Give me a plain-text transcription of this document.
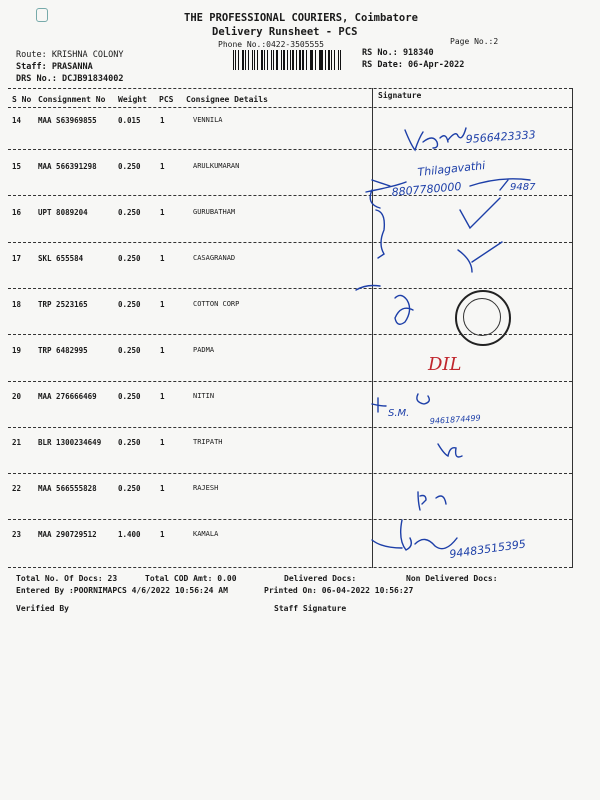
THE PROFESSIONAL COURIERS, Coimbatore
Delivery Runsheet - PCS
Phone No.:0422-3505555	Page No.:2
Route: KRISHNA COLONY
Staff: PRASANNA
DRS No.: DCJB91834002
RS No.: 918340
RS Date: 06-Apr-2022
S No Consignment No Weight PCS Consignee Details	Signature
14 MAA S63969855	0.015	1	VENNILA
15 MAA 566391298	0.250	1	ARULKUMARAN
16 UPT 8089204	0.250	1	GURUBATHAM
17 SKL 655584	0.250	1	CASAGRANAD
18 TRP 2523165	0.250	1	COTTON CORP
19 TRP 6482995	0.250	1	PADMA
20 MAA 276666469	0.250	1	NITIN
21 BLR 1300234649 0.250	1	TRIPATH
22 MAA 566555828	0.250	1	RAJESH
23 MAA 290729512	1.400	1	KAMALA
9566423333
Thilagavathi
8807780000	9487
S.M.	9461874499
94483515395
DIL
Total No. Of Docs: 23	Total COD Amt: 0.00	Delivered Docs:	Non Delivered Docs:
Entered By :POORNIMAPCS 4/6/2022 10:56:24 AM	Printed On: 06-04-2022 10:56:27
Verified By	Staff Signature
